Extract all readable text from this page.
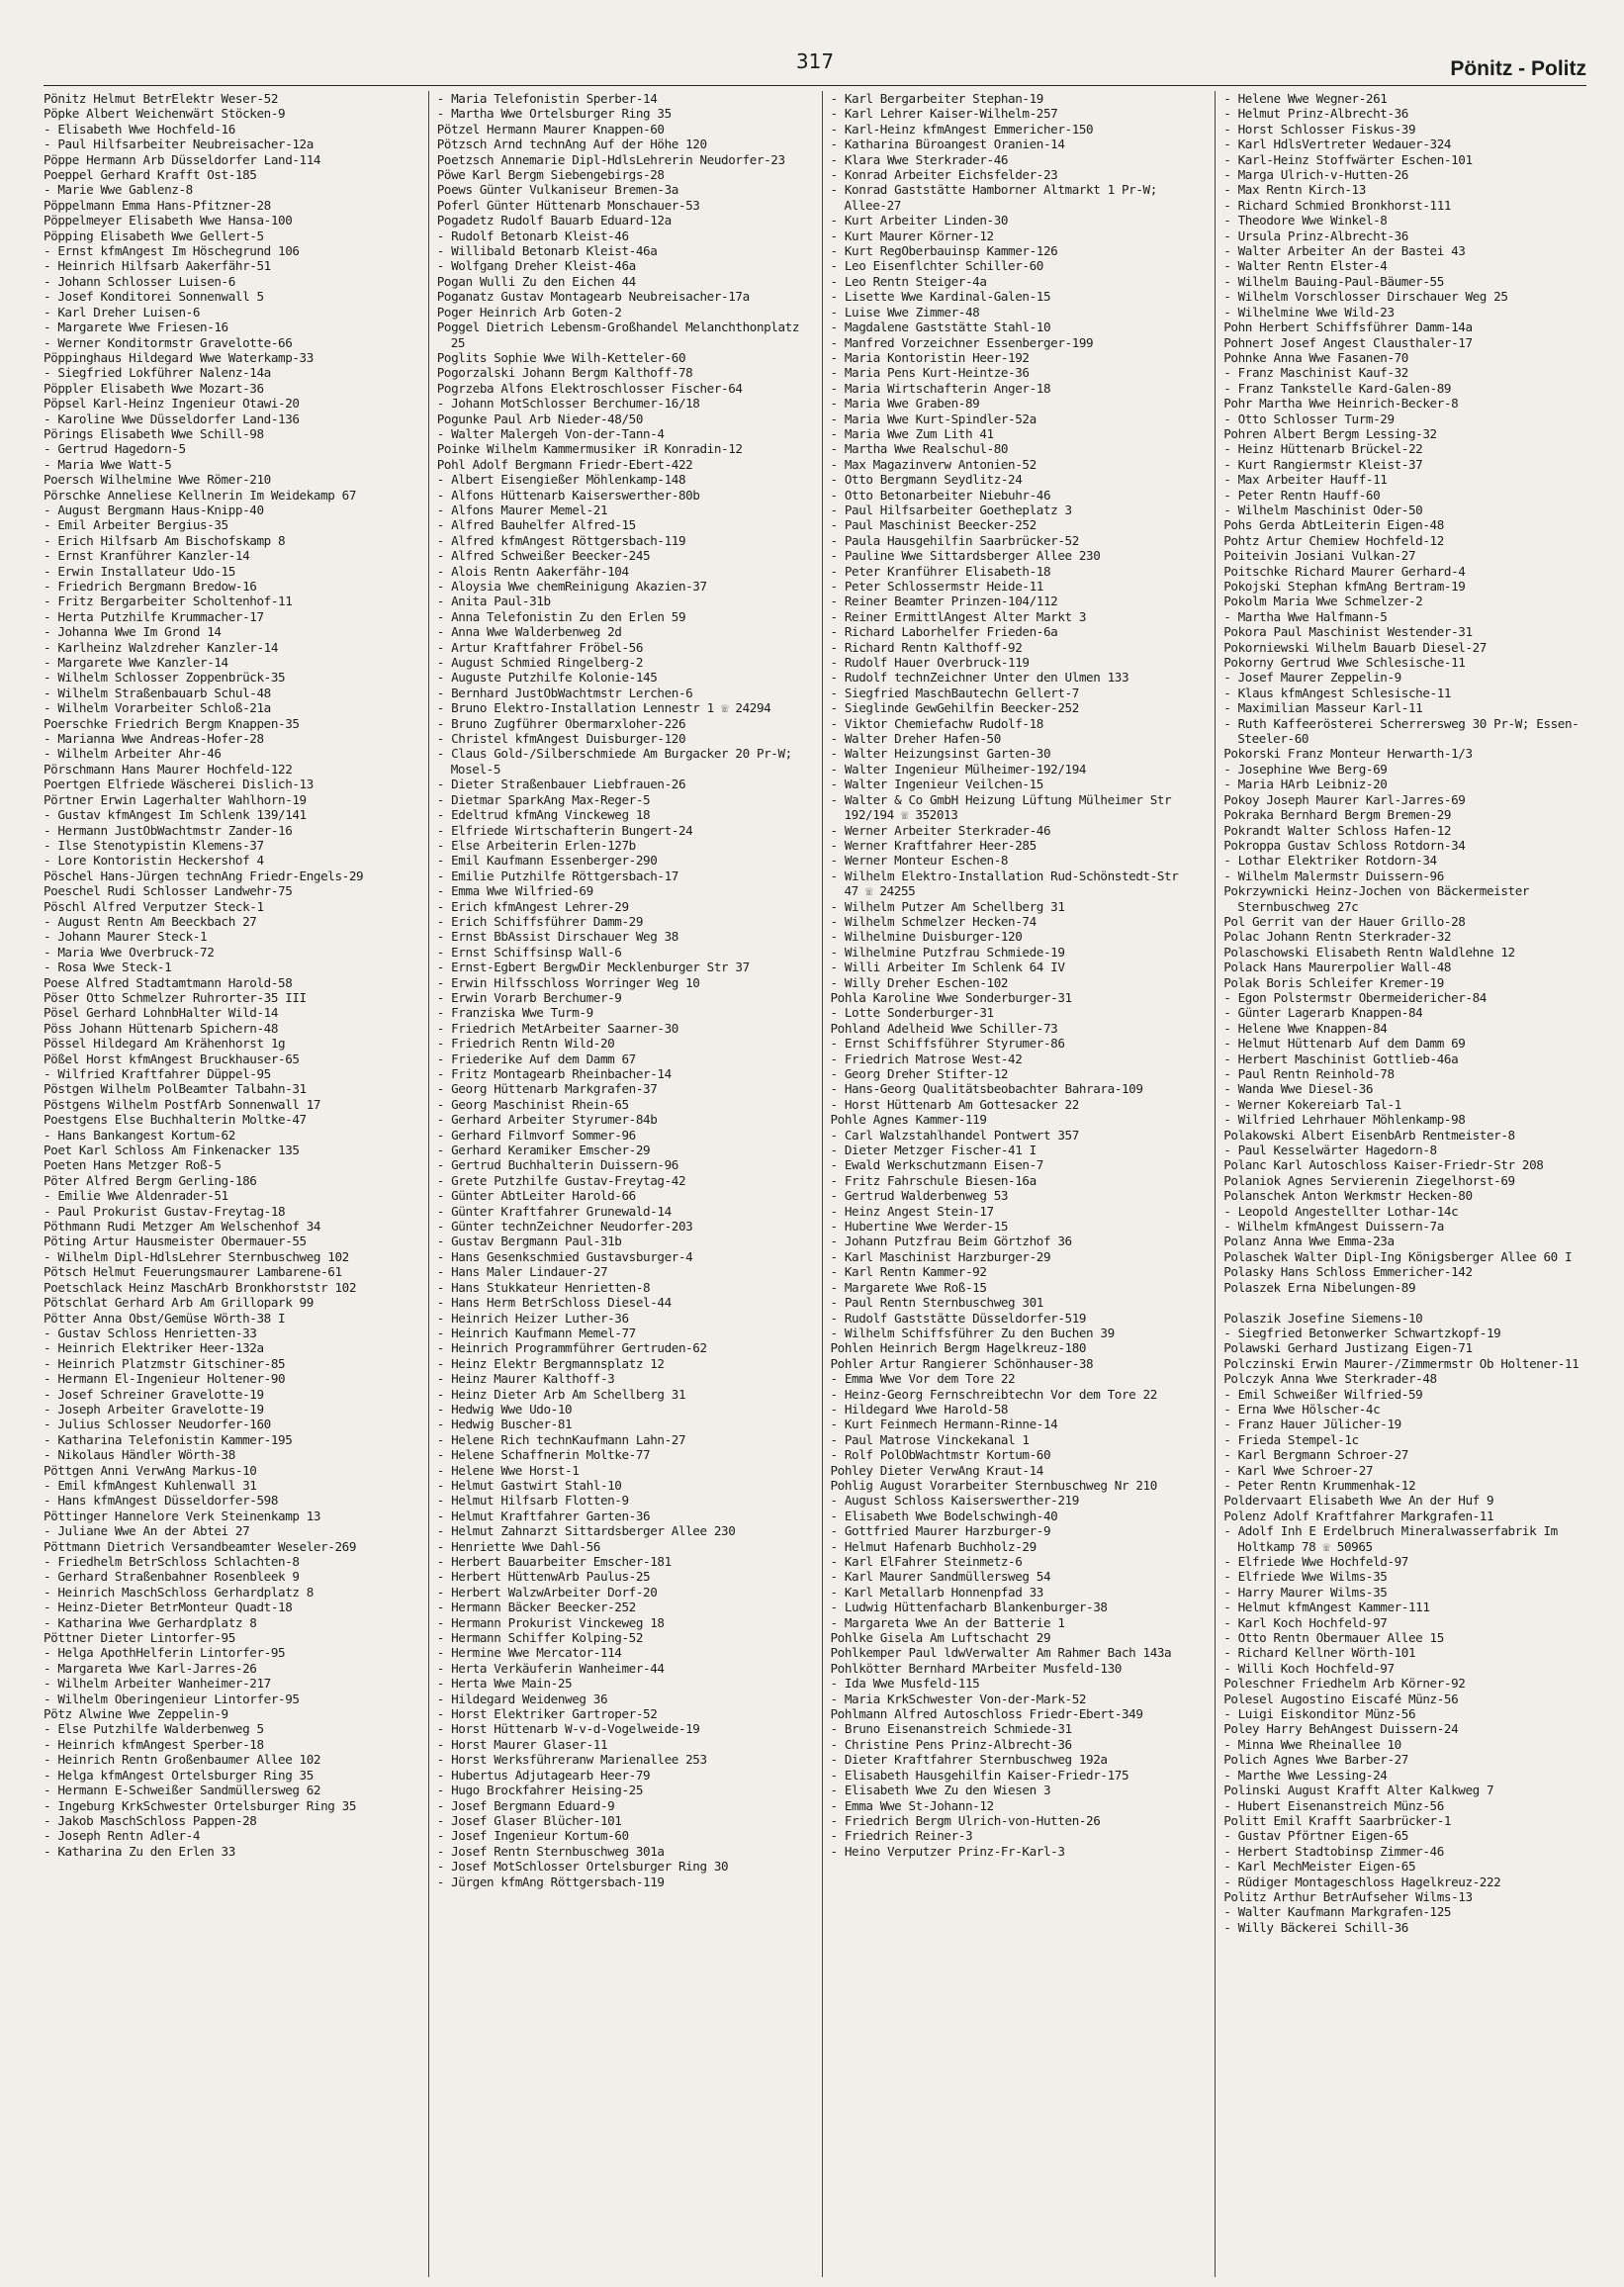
317	Pönitz - Politz
Pönitz Helmut BetrElektr Weser-52
Pöpke Albert Weichenwärt Stöcken-9
- Elisabeth Wwe Hochfeld-16
- Paul Hilfsarbeiter Neubreisacher-12a
Pöppe Hermann Arb Düsseldorfer Land-114
Poeppel Gerhard Krafft Ost-185
- Marie Wwe Gablenz-8
Pöppelmann Emma Hans-Pfitzner-28
Pöppelmeyer Elisabeth Wwe Hansa-100
Pöpping Elisabeth Wwe Gellert-5
- Ernst kfmAngest Im Höschegrund 106
- Heinrich Hilfsarb Aakerfähr-51
- Johann Schlosser Luisen-6
- Josef Konditorei Sonnenwall 5
- Karl Dreher Luisen-6
- Margarete Wwe Friesen-16
- Werner Konditormstr Gravelotte-66
Pöppinghaus Hildegard Wwe Waterkamp-33
- Siegfried Lokführer Nalenz-14a
Pöppler Elisabeth Wwe Mozart-36
Pöpsel Karl-Heinz Ingenieur Otawi-20
- Karoline Wwe Düsseldorfer Land-136
Pörings Elisabeth Wwe Schill-98
- Gertrud Hagedorn-5
- Maria Wwe Watt-5
Poersch Wilhelmine Wwe Römer-210
Pörschke Anneliese Kellnerin Im Weidekamp 67
- August Bergmann Haus-Knipp-40
- Emil Arbeiter Bergius-35
- Erich Hilfsarb Am Bischofskamp 8
- Ernst Kranführer Kanzler-14
- Erwin Installateur Udo-15
- Friedrich Bergmann Bredow-16
- Fritz Bergarbeiter Scholtenhof-11
- Herta Putzhilfe Krummacher-17
- Johanna Wwe Im Grond 14
- Karlheinz Walzdreher Kanzler-14
- Margarete Wwe Kanzler-14
- Wilhelm Schlosser Zoppenbrück-35
- Wilhelm Straßenbauarb Schul-48
- Wilhelm Vorarbeiter Schloß-21a
Poerschke Friedrich Bergm Knappen-35
- Marianna Wwe Andreas-Hofer-28
- Wilhelm Arbeiter Ahr-46
Pörschmann Hans Maurer Hochfeld-122
Poertgen Elfriede Wäscherei Dislich-13
Pörtner Erwin Lagerhalter Wahlhorn-19
- Gustav kfmAngest Im Schlenk 139/141
- Hermann JustObWachtmstr Zander-16
- Ilse Stenotypistin Klemens-37
- Lore Kontoristin Heckershof 4
Pöschel Hans-Jürgen technAng Friedr-Engels-29
Poeschel Rudi Schlosser Landwehr-75
Pöschl Alfred Verputzer Steck-1
- August Rentn Am Beeckbach 27
- Johann Maurer Steck-1
- Maria Wwe Overbruck-72
- Rosa Wwe Steck-1
Poese Alfred Stadtamtmann Harold-58
Pöser Otto Schmelzer Ruhrorter-35 III
Pösel Gerhard LohnbHalter Wild-14
Pöss Johann Hüttenarb Spichern-48
Pössel Hildegard Am Krähenhorst 1g
Pößel Horst kfmAngest Bruckhauser-65
- Wilfried Kraftfahrer Düppel-95
Pöstgen Wilhelm PolBeamter Talbahn-31
Pöstgens Wilhelm PostfArb Sonnenwall 17
Poestgens Else Buchhalterin Moltke-47
- Hans Bankangest Kortum-62
Poet Karl Schloss Am Finkenacker 135
Poeten Hans Metzger Roß-5
Pöter Alfred Bergm Gerling-186
- Emilie Wwe Aldenrader-51
- Paul Prokurist Gustav-Freytag-18
Pöthmann Rudi Metzger Am Welschenhof 34
Pöting Artur Hausmeister Obermauer-55
- Wilhelm Dipl-HdlsLehrer Sternbuschweg 102
Pötsch Helmut Feuerungsmaurer Lambarene-61
Poetschlack Heinz MaschArb Bronkhorststr 102
Pötschlat Gerhard Arb Am Grillopark 99
Pötter Anna Obst/Gemüse Wörth-38 I
- Gustav Schloss Henrietten-33
- Heinrich Elektriker Heer-132a
- Heinrich Platzmstr Gitschiner-85
- Hermann El-Ingenieur Holtener-90
- Josef Schreiner Gravelotte-19
- Joseph Arbeiter Gravelotte-19
- Julius Schlosser Neudorfer-160
- Katharina Telefonistin Kammer-195
- Nikolaus Händler Wörth-38
Pöttgen Anni VerwAng Markus-10
- Emil kfmAngest Kuhlenwall 31
- Hans kfmAngest Düsseldorfer-598
Pöttinger Hannelore Verk Steinenkamp 13
- Juliane Wwe An der Abtei 27
Pöttmann Dietrich Versandbeamter Weseler-269
- Friedhelm BetrSchloss Schlachten-8
- Gerhard Straßenbahner Rosenbleek 9
- Heinrich MaschSchloss Gerhardplatz 8
- Heinz-Dieter BetrMonteur Quadt-18
- Katharina Wwe Gerhardplatz 8
Pöttner Dieter Lintorfer-95
- Helga ApothHelferin Lintorfer-95
- Margareta Wwe Karl-Jarres-26
- Wilhelm Arbeiter Wanheimer-217
- Wilhelm Oberingenieur Lintorfer-95
Pötz Alwine Wwe Zeppelin-9
- Else Putzhilfe Walderbenweg 5
- Heinrich kfmAngest Sperber-18
- Heinrich Rentn Großenbaumer Allee 102
- Helga kfmAngest Ortelsburger Ring 35
- Hermann E-Schweißer Sandmüllersweg 62
- Ingeburg KrkSchwester Ortelsburger Ring 35
- Jakob MaschSchloss Pappen-28
- Joseph Rentn Adler-4
- Katharina Zu den Erlen 33
- Maria Telefonistin Sperber-14
- Martha Wwe Ortelsburger Ring 35
Pötzel Hermann Maurer Knappen-60
Pötzsch Arnd technAng Auf der Höhe 120
Poetzsch Annemarie Dipl-HdlsLehrerin Neudorfer-23
Pöwe Karl Bergm Siebengebirgs-28
Poews Günter Vulkaniseur Bremen-3a
Poferl Günter Hüttenarb Monschauer-53
Pogadetz Rudolf Bauarb Eduard-12a
- Rudolf Betonarb Kleist-46
- Willibald Betonarb Kleist-46a
- Wolfgang Dreher Kleist-46a
Pogan Wulli Zu den Eichen 44
Poganatz Gustav Montagearb Neubreisacher-17a
Poger Heinrich Arb Goten-2
Poggel Dietrich Lebensm-Großhandel Melanchthonplatz 25
Poglits Sophie Wwe Wilh-Ketteler-60
Pogorzalski Johann Bergm Kalthoff-78
Pogrzeba Alfons Elektroschlosser Fischer-64
- Johann MotSchlosser Berchumer-16/18
Pogunke Paul Arb Nieder-48/50
- Walter Malergeh Von-der-Tann-4
Poinke Wilhelm Kammermusiker iR Konradin-12
Pohl Adolf Bergmann Friedr-Ebert-422
- Albert Eisengießer Möhlenkamp-148
- Alfons Hüttenarb Kaiserswerther-80b
- Alfons Maurer Memel-21
- Alfred Bauhelfer Alfred-15
- Alfred kfmAngest Röttgersbach-119
- Alfred Schweißer Beecker-245
- Alois Rentn Aakerfähr-104
- Aloysia Wwe chemReinigung Akazien-37
- Anita Paul-31b
- Anna Telefonistin Zu den Erlen 59
- Anna Wwe Walderbenweg 2d
- Artur Kraftfahrer Fröbel-56
- August Schmied Ringelberg-2
- Auguste Putzhilfe Kolonie-145
- Bernhard JustObWachtmstr Lerchen-6
- Bruno Elektro-Installation Lennestr 1 ☏ 24294
- Bruno Zugführer Obermarxloher-226
- Christel kfmAngest Duisburger-120
- Claus Gold-/Silberschmiede Am Burgacker 20 Pr-W; Mosel-5
- Dieter Straßenbauer Liebfrauen-26
- Dietmar SparkAng Max-Reger-5
- Edeltrud kfmAng Vinckeweg 18
- Elfriede Wirtschafterin Bungert-24
- Else Arbeiterin Erlen-127b
- Emil Kaufmann Essenberger-290
- Emilie Putzhilfe Röttgersbach-17
- Emma Wwe Wilfried-69
- Erich kfmAngest Lehrer-29
- Erich Schiffsführer Damm-29
- Ernst BbAssist Dirschauer Weg 38
- Ernst Schiffsinsp Wall-6
- Ernst-Egbert BergwDir Mecklenburger Str 37
- Erwin Hilfsschloss Worringer Weg 10
- Erwin Vorarb Berchumer-9
- Franziska Wwe Turm-9
- Friedrich MetArbeiter Saarner-30
- Friedrich Rentn Wild-20
- Friederike Auf dem Damm 67
- Fritz Montagearb Rheinbacher-14
- Georg Hüttenarb Markgrafen-37
- Georg Maschinist Rhein-65
- Gerhard Arbeiter Styrumer-84b
- Gerhard Filmvorf Sommer-96
- Gerhard Keramiker Emscher-29
- Gertrud Buchhalterin Duissern-96
- Grete Putzhilfe Gustav-Freytag-42
- Günter AbtLeiter Harold-66
- Günter Kraftfahrer Grunewald-14
- Günter technZeichner Neudorfer-203
- Gustav Bergmann Paul-31b
- Hans Gesenkschmied Gustavsburger-4
- Hans Maler Lindauer-27
- Hans Stukkateur Henrietten-8
- Hans Herm BetrSchloss Diesel-44
- Heinrich Heizer Luther-36
- Heinrich Kaufmann Memel-77
- Heinrich Programmführer Gertruden-62
- Heinz Elektr Bergmannsplatz 12
- Heinz Maurer Kalthoff-3
- Heinz Dieter Arb Am Schellberg 31
- Hedwig Wwe Udo-10
- Hedwig Buscher-81
- Helene Rich technKaufmann Lahn-27
- Helene Schaffnerin Moltke-77
- Helene Wwe Horst-1
- Helmut Gastwirt Stahl-10
- Helmut Hilfsarb Flotten-9
- Helmut Kraftfahrer Garten-36
- Helmut Zahnarzt Sittardsberger Allee 230
- Henriette Wwe Dahl-56
- Herbert Bauarbeiter Emscher-181
- Herbert HüttenwArb Paulus-25
- Herbert WalzwArbeiter Dorf-20
- Hermann Bäcker Beecker-252
- Hermann Prokurist Vinckeweg 18
- Hermann Schiffer Kolping-52
- Hermine Wwe Mercator-114
- Herta Verkäuferin Wanheimer-44
- Herta Wwe Main-25
- Hildegard Weidenweg 36
- Horst Elektriker Gartroper-52
- Horst Hüttenarb W-v-d-Vogelweide-19
- Horst Maurer Glaser-11
- Horst Werksführeranw Marienallee 253
- Hubertus Adjutagearb Heer-79
- Hugo Brockfahrer Heising-25
- Josef Bergmann Eduard-9
- Josef Glaser Blücher-101
- Josef Ingenieur Kortum-60
- Josef Rentn Sternbuschweg 301a
- Josef MotSchlosser Ortelsburger Ring 30
- Jürgen kfmAng Röttgersbach-119
- Karl Bergarbeiter Stephan-19
- Karl Lehrer Kaiser-Wilhelm-257
- Karl-Heinz kfmAngest Emmericher-150
- Katharina Büroangest Oranien-14
- Klara Wwe Sterkrader-46
- Konrad Arbeiter Eichsfelder-23
- Konrad Gaststätte Hamborner Altmarkt 1 Pr-W; Allee-27
- Kurt Arbeiter Linden-30
- Kurt Maurer Körner-12
- Kurt RegOberbauinsp Kammer-126
- Leo Eisenflchter Schiller-60
- Leo Rentn Steiger-4a
- Lisette Wwe Kardinal-Galen-15
- Luise Wwe Zimmer-48
- Magdalene Gaststätte Stahl-10
- Manfred Vorzeichner Essenberger-199
- Maria Kontoristin Heer-192
- Maria Pens Kurt-Heintze-36
- Maria Wirtschafterin Anger-18
- Maria Wwe Graben-89
- Maria Wwe Kurt-Spindler-52a
- Maria Wwe Zum Lith 41
- Martha Wwe Realschul-80
- Max Magazinverw Antonien-52
- Otto Bergmann Seydlitz-24
- Otto Betonarbeiter Niebuhr-46
- Paul Hilfsarbeiter Goetheplatz 3
- Paul Maschinist Beecker-252
- Paula Hausgehilfin Saarbrücker-52
- Pauline Wwe Sittardsberger Allee 230
- Peter Kranführer Elisabeth-18
- Peter Schlossermstr Heide-11
- Reiner Beamter Prinzen-104/112
- Reiner ErmittlAngest Alter Markt 3
- Richard Laborhelfer Frieden-6a
- Richard Rentn Kalthoff-92
- Rudolf Hauer Overbruck-119
- Rudolf technZeichner Unter den Ulmen 133
- Siegfried MaschBautechn Gellert-7
- Sieglinde GewGehilfin Beecker-252
- Viktor Chemiefachw Rudolf-18
- Walter Dreher Hafen-50
- Walter Heizungsinst Garten-30
- Walter Ingenieur Mülheimer-192/194
- Walter Ingenieur Veilchen-15
- Walter & Co GmbH Heizung Lüftung Mülheimer Str 192/194 ☏ 352013
- Werner Arbeiter Sterkrader-46
- Werner Kraftfahrer Heer-285
- Werner Monteur Eschen-8
- Wilhelm Elektro-Installation Rud-Schönstedt-Str 47 ☏ 24255
- Wilhelm Putzer Am Schellberg 31
- Wilhelm Schmelzer Hecken-74
- Wilhelmine Duisburger-120
- Wilhelmine Putzfrau Schmiede-19
- Willi Arbeiter Im Schlenk 64 IV
- Willy Dreher Eschen-102
Pohla Karoline Wwe Sonderburger-31
- Lotte Sonderburger-31
Pohland Adelheid Wwe Schiller-73
- Ernst Schiffsführer Styrumer-86
- Friedrich Matrose West-42
- Georg Dreher Stifter-12
- Hans-Georg Qualitätsbeobachter Bahrara-109
- Horst Hüttenarb Am Gottesacker 22
Pohle Agnes Kammer-119
- Carl Walzstahlhandel Pontwert 357
- Dieter Metzger Fischer-41 I
- Ewald Werkschutzmann Eisen-7
- Fritz Fahrschule Biesen-16a
- Gertrud Walderbenweg 53
- Heinz Angest Stein-17
- Hubertine Wwe Werder-15
- Johann Putzfrau Beim Görtzhof 36
- Karl Maschinist Harzburger-29
- Karl Rentn Kammer-92
- Margarete Wwe Roß-15
- Paul Rentn Sternbuschweg 301
- Rudolf Gaststätte Düsseldorfer-519
- Wilhelm Schiffsführer Zu den Buchen 39
Pohlen Heinrich Bergm Hagelkreuz-180
Pohler Artur Rangierer Schönhauser-38
- Emma Wwe Vor dem Tore 22
- Heinz-Georg Fernschreibtechn Vor dem Tore 22
- Hildegard Wwe Harold-58
- Kurt Feinmech Hermann-Rinne-14
- Paul Matrose Vinckekanal 1
- Rolf PolObWachtmstr Kortum-60
Pohley Dieter VerwAng Kraut-14
Pohlig August Vorarbeiter Sternbuschweg Nr 210
- August Schloss Kaiserswerther-219
- Elisabeth Wwe Bodelschwingh-40
- Gottfried Maurer Harzburger-9
- Helmut Hafenarb Buchholz-29
- Karl ElFahrer Steinmetz-6
- Karl Maurer Sandmüllersweg 54
- Karl Metallarb Honnenpfad 33
- Ludwig Hüttenfacharb Blankenburger-38
- Margareta Wwe An der Batterie 1
Pohlke Gisela Am Luftschacht 29
Pohlkemper Paul ldwVerwalter Am Rahmer Bach 143a
Pohlkötter Bernhard MArbeiter Musfeld-130
- Ida Wwe Musfeld-115
- Maria KrkSchwester Von-der-Mark-52
Pohlmann Alfred Autoschloss Friedr-Ebert-349
- Bruno Eisenanstreich Schmiede-31
- Christine Pens Prinz-Albrecht-36
- Dieter Kraftfahrer Sternbuschweg 192a
- Elisabeth Hausgehilfin Kaiser-Friedr-175
- Elisabeth Wwe Zu den Wiesen 3
- Emma Wwe St-Johann-12
- Friedrich Bergm Ulrich-von-Hutten-26
- Friedrich Reiner-3
- Heino Verputzer Prinz-Fr-Karl-3
- Helene Wwe Wegner-261
- Helmut Prinz-Albrecht-36
- Horst Schlosser Fiskus-39
- Karl HdlsVertreter Wedauer-324
- Karl-Heinz Stoffwärter Eschen-101
- Marga Ulrich-v-Hutten-26
- Max Rentn Kirch-13
- Richard Schmied Bronkhorst-111
- Theodore Wwe Winkel-8
- Ursula Prinz-Albrecht-36
- Walter Arbeiter An der Bastei 43
- Walter Rentn Elster-4
- Wilhelm Bauing-Paul-Bäumer-55
- Wilhelm Vorschlosser Dirschauer Weg 25
- Wilhelmine Wwe Wild-23
Pohn Herbert Schiffsführer Damm-14a
Pohnert Josef Angest Clausthaler-17
Pohnke Anna Wwe Fasanen-70
- Franz Maschinist Kauf-32
- Franz Tankstelle Kard-Galen-89
Pohr Martha Wwe Heinrich-Becker-8
- Otto Schlosser Turm-29
Pohren Albert Bergm Lessing-32
- Heinz Hüttenarb Brückel-22
- Kurt Rangiermstr Kleist-37
- Max Arbeiter Hauff-11
- Peter Rentn Hauff-60
- Wilhelm Maschinist Oder-50
Pohs Gerda AbtLeiterin Eigen-48
Pohtz Artur Chemiew Hochfeld-12
Poiteivin Josiani Vulkan-27
Poitschke Richard Maurer Gerhard-4
Pokojski Stephan kfmAng Bertram-19
Pokolm Maria Wwe Schmelzer-2
- Martha Wwe Halfmann-5
Pokora Paul Maschinist Westender-31
Pokorniewski Wilhelm Bauarb Diesel-27
Pokorny Gertrud Wwe Schlesische-11
- Josef Maurer Zeppelin-9
- Klaus kfmAngest Schlesische-11
- Maximilian Masseur Karl-11
- Ruth Kaffeerösterei Scherrersweg 30 Pr-W; Essen-Steeler-60
Pokorski Franz Monteur Herwarth-1/3
- Josephine Wwe Berg-69
- Maria HArb Leibniz-20
Pokoy Joseph Maurer Karl-Jarres-69
Pokraka Bernhard Bergm Bremen-29
Pokrandt Walter Schloss Hafen-12
Pokroppa Gustav Schloss Rotdorn-34
- Lothar Elektriker Rotdorn-34
- Wilhelm Malermstr Duissern-96
Pokrzywnicki Heinz-Jochen von Bäckermeister Sternbuschweg 27c
Pol Gerrit van der Hauer Grillo-28
Polac Johann Rentn Sterkrader-32
Polaschowski Elisabeth Rentn Waldlehne 12
Polack Hans Maurerpolier Wall-48
Polak Boris Schleifer Kremer-19
- Egon Polstermstr Obermeidericher-84
- Günter Lagerarb Knappen-84
- Helene Wwe Knappen-84
- Helmut Hüttenarb Auf dem Damm 69
- Herbert Maschinist Gottlieb-46a
- Paul Rentn Reinhold-78
- Wanda Wwe Diesel-36
- Werner Kokereiarb Tal-1
- Wilfried Lehrhauer Möhlenkamp-98
Polakowski Albert EisenbArb Rentmeister-8
- Paul Kesselwärter Hagedorn-8
Polanc Karl Autoschloss Kaiser-Friedr-Str 208
Polaniok Agnes Servierenin Ziegelhorst-69
Polanschek Anton Werkmstr Hecken-80
- Leopold Angestellter Lothar-14c
- Wilhelm kfmAngest Duissern-7a
Polanz Anna Wwe Emma-23a
Polaschek Walter Dipl-Ing Königsberger Allee 60 I
Polasky Hans Schloss Emmericher-142
Polaszek Erna Nibelungen-89

Polaszik Josefine Siemens-10
- Siegfried Betonwerker Schwartzkopf-19
Polawski Gerhard Justizang Eigen-71
Polczinski Erwin Maurer-/Zimmermstr Ob Holtener-11
Polczyk Anna Wwe Sterkrader-48
- Emil Schweißer Wilfried-59
- Erna Wwe Hölscher-4c
- Franz Hauer Jülicher-19
- Frieda Stempel-1c
- Karl Bergmann Schroer-27
- Karl Wwe Schroer-27
- Peter Rentn Krummenhak-12
Poldervaart Elisabeth Wwe An der Huf 9
Polenz Adolf Kraftfahrer Markgrafen-11
- Adolf Inh E Erdelbruch Mineralwasserfabrik Im Holtkamp 78 ☏ 50965
- Elfriede Wwe Hochfeld-97
- Elfriede Wwe Wilms-35
- Harry Maurer Wilms-35
- Helmut kfmAngest Kammer-111
- Karl Koch Hochfeld-97
- Otto Rentn Obermauer Allee 15
- Richard Kellner Wörth-101
- Willi Koch Hochfeld-97
Poleschner Friedhelm Arb Körner-92
Polesel Augostino Eiscafé Münz-56
- Luigi Eiskonditor Münz-56
Poley Harry BehAngest Duissern-24
- Minna Wwe Rheinallee 10
Polich Agnes Wwe Barber-27
- Marthe Wwe Lessing-24
Polinski August Krafft Alter Kalkweg 7
- Hubert Eisenanstreich Münz-56
Politt Emil Krafft Saarbrücker-1
- Gustav Pförtner Eigen-65
- Herbert Stadtobinsp Zimmer-46
- Karl MechMeister Eigen-65
- Rüdiger Montageschloss Hagelkreuz-222
Politz Arthur BetrAufseher Wilms-13
- Walter Kaufmann Markgrafen-125
- Willy Bäckerei Schill-36
